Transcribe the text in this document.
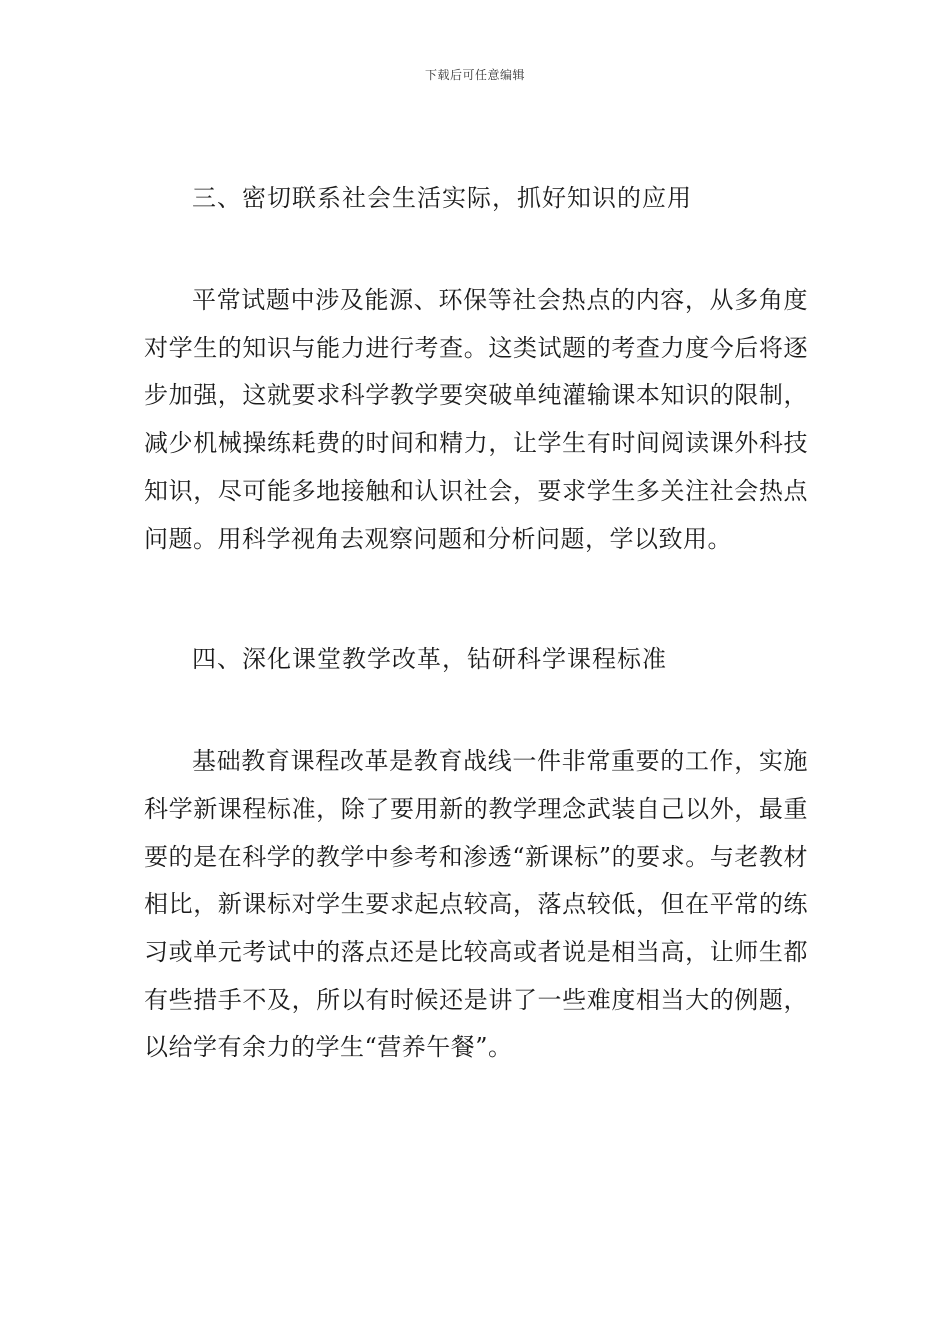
下载后可任意编辑
三、密切联系社会生活实际，抓好知识的应用

平常试题中涉及能源、环保等社会热点的内容，从多角度对学生的知识与能力进行考查。这类试题的考查力度今后将逐步加强，这就要求科学教学要突破单纯灌输课本知识的限制，减少机械操练耗费的时间和精力，让学生有时间阅读课外科技知识，尽可能多地接触和认识社会，要求学生多关注社会热点问题。用科学视角去观察问题和分析问题，学以致用。

四、深化课堂教学改革，钻研科学课程标准

基础教育课程改革是教育战线一件非常重要的工作，实施科学新课程标准，除了要用新的教学理念武装自己以外，最重要的是在科学的教学中参考和渗透“新课标”的要求。与老教材相比，新课标对学生要求起点较高，落点较低，但在平常的练习或单元考试中的落点还是比较高或者说是相当高，让师生都有些措手不及，所以有时候还是讲了一些难度相当大的例题，以给学有余力的学生“营养午餐”。
